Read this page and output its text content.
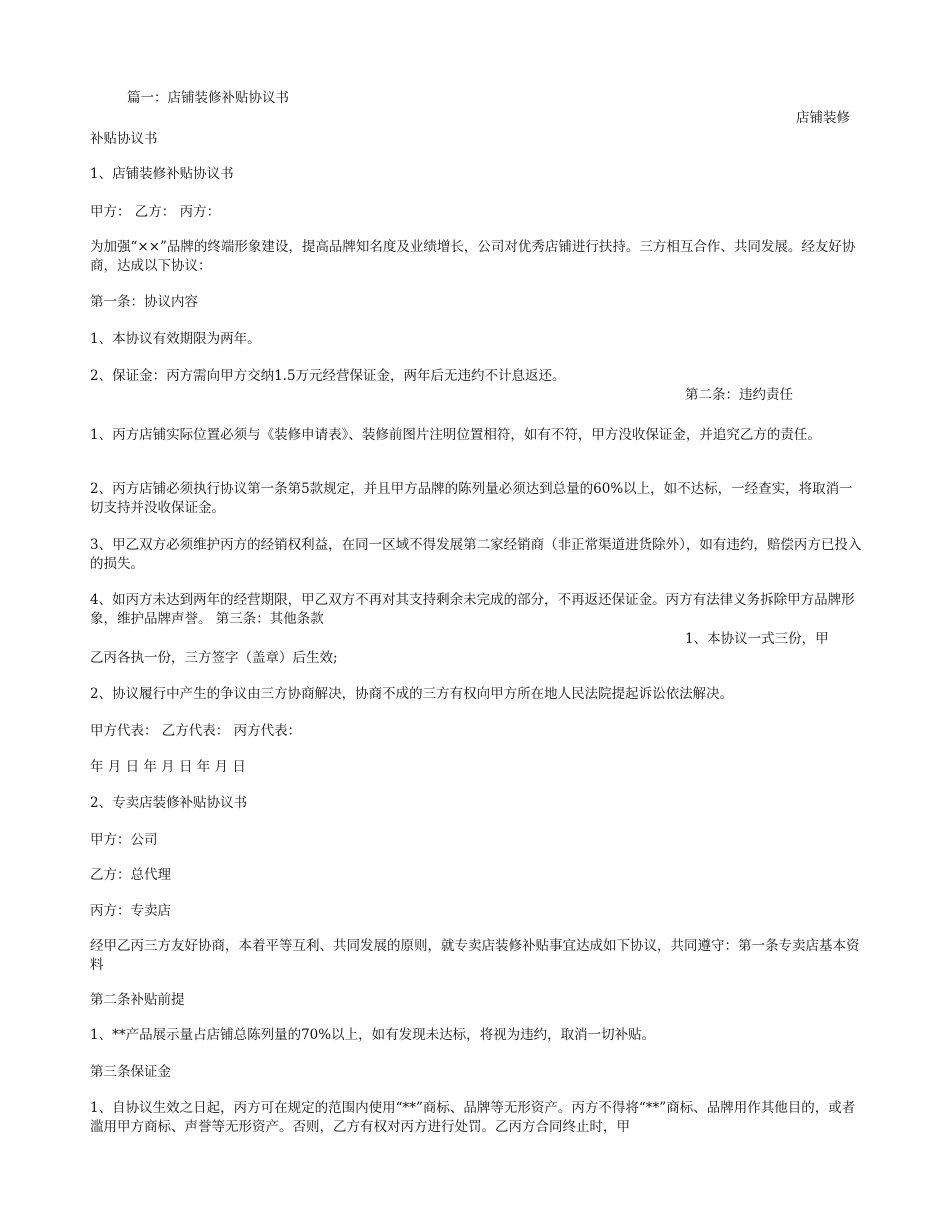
篇一：店铺装修补贴协议书
店铺装修
补贴协议书
1、店铺装修补贴协议书
甲方： 乙方： 丙方：
为加强“××”品牌的终端形象建设，提高品牌知名度及业绩增长，公司对优秀店铺进行扶持。三方相互合作、共同发展。经友好协商，达成以下协议：
第一条：协议内容
1、本协议有效期限为两年。
2、保证金：丙方需向甲方交纳1.5万元经营保证金，两年后无违约不计息返还。
第二条：违约责任
1、丙方店铺实际位置必须与《装修申请表》、装修前图片注明位置相符，如有不符，甲方没收保证金，并追究乙方的责任。
2、丙方店铺必须执行协议第一条第5款规定，并且甲方品牌的陈列量必须达到总量的60%以上，如不达标，一经查实，将取消一切支持并没收保证金。
3、甲乙双方必须维护丙方的经销权利益，在同一区域不得发展第二家经销商（非正常渠道进货除外），如有违约，赔偿丙方已投入的损失。
4、如丙方未达到两年的经营期限，甲乙双方不再对其支持剩余未完成的部分，不再返还保证金。丙方有法律义务拆除甲方品牌形象，维护品牌声誉。 第三条：其他条款
1、本协议一式三份，甲
乙丙各执一份，三方签字（盖章）后生效;
2、协议履行中产生的争议由三方协商解决，协商不成的三方有权向甲方所在地人民法院提起诉讼依法解决。
甲方代表： 乙方代表： 丙方代表：
年 月 日 年 月 日 年 月 日
2、专卖店装修补贴协议书
甲方：公司
乙方：总代理
丙方：专卖店
经甲乙丙三方友好协商，本着平等互利、共同发展的原则，就专卖店装修补贴事宜达成如下协议，共同遵守：第一条专卖店基本资料
第二条补贴前提
1、**产品展示量占店铺总陈列量的70%以上，如有发现未达标，将视为违约，取消一切补贴。
第三条保证金
1、自协议生效之日起，丙方可在规定的范围内使用“**”商标、品牌等无形资产。丙方不得将“**”商标、品牌用作其他目的，或者滥用甲方商标、声誉等无形资产。否则，乙方有权对丙方进行处罚。乙丙方合同终止时，甲
